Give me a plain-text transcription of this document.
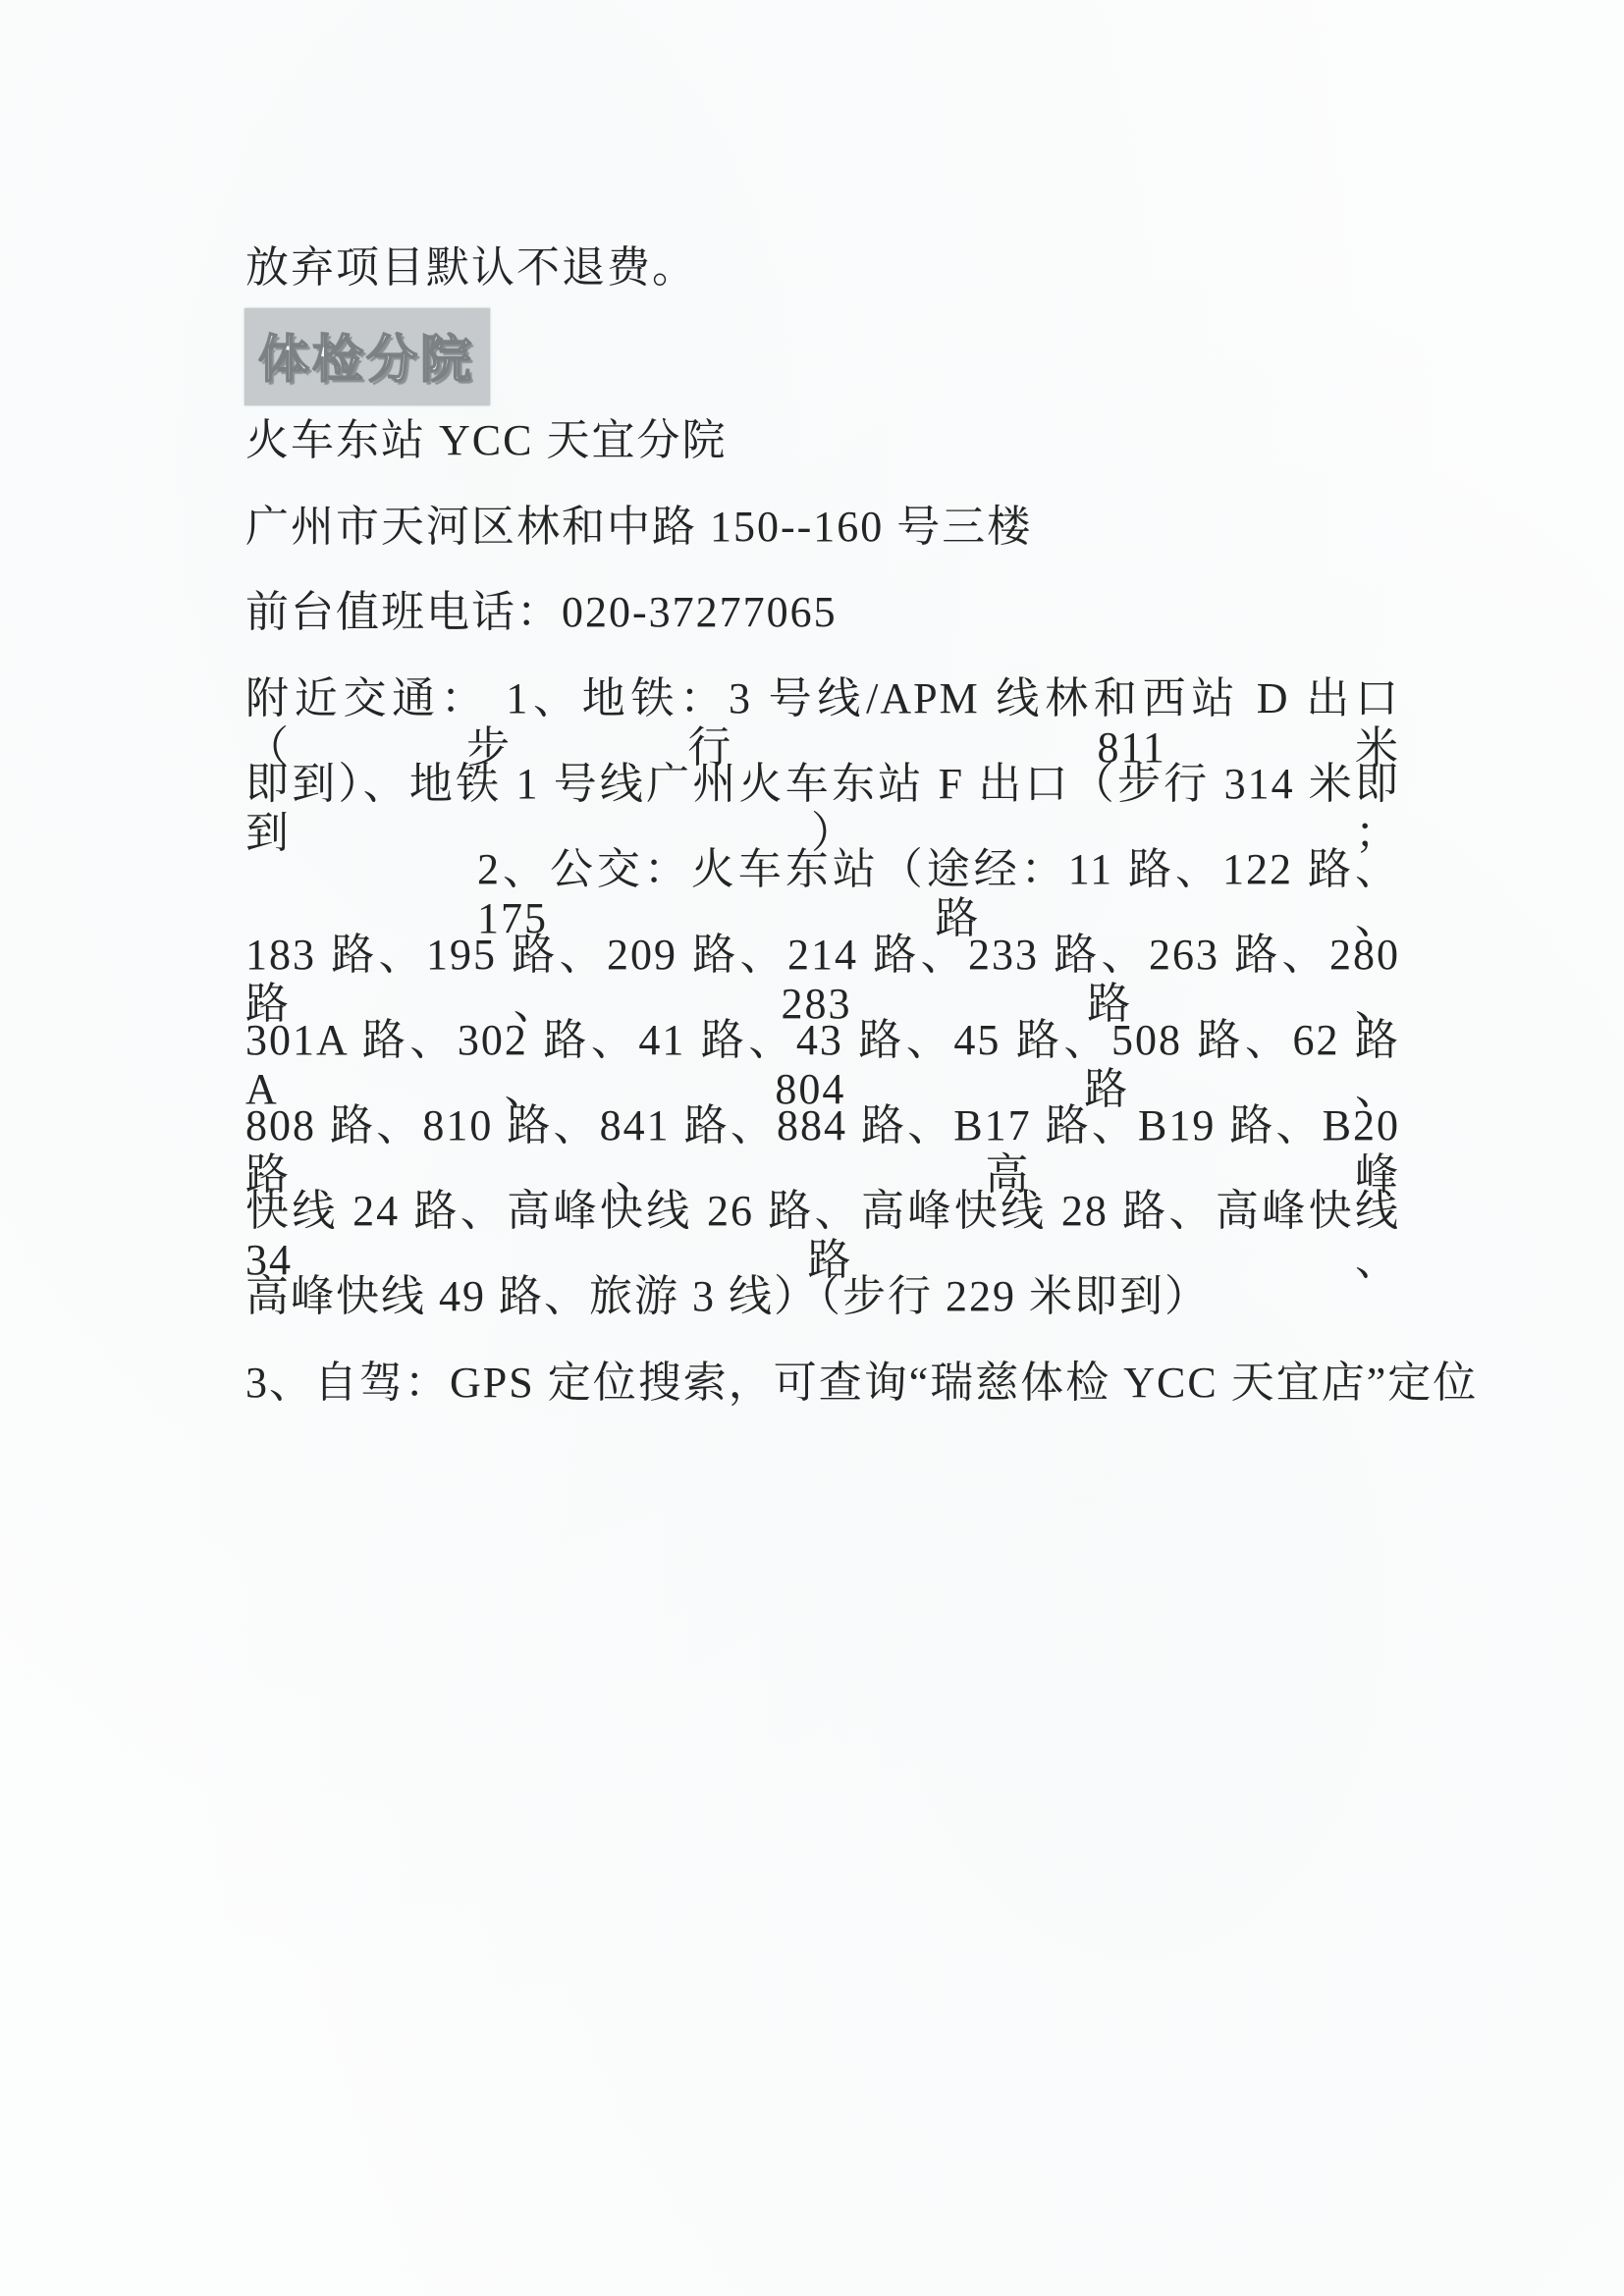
放弃项目默认不退费。

体检分院

火车东站 YCC 天宜分院

广州市天河区林和中路 150--160 号三楼

前台值班电话：020-37277065

附近交通： 1、地铁：3 号线/APM 线林和西站 D 出口（步行 811 米

即到）、地铁 1 号线广州火车东站 F 出口（步行 314 米即到）；

2、公交：火车东站（途经：11 路、122 路、175 路、

183 路、195 路、209 路、214 路、233 路、263 路、280 路、283 路、

301A 路、302 路、41 路、43 路、45 路、508 路、62 路 A、804 路、

808 路、810 路、841 路、884 路、B17 路、B19 路、B20 路、高峰

快线 24 路、高峰快线 26 路、高峰快线 28 路、高峰快线 34 路、

高峰快线 49 路、旅游 3 线）（步行 229 米即到）

3、自驾：GPS 定位搜索，可查询“瑞慈体检 YCC 天宜店”定位
